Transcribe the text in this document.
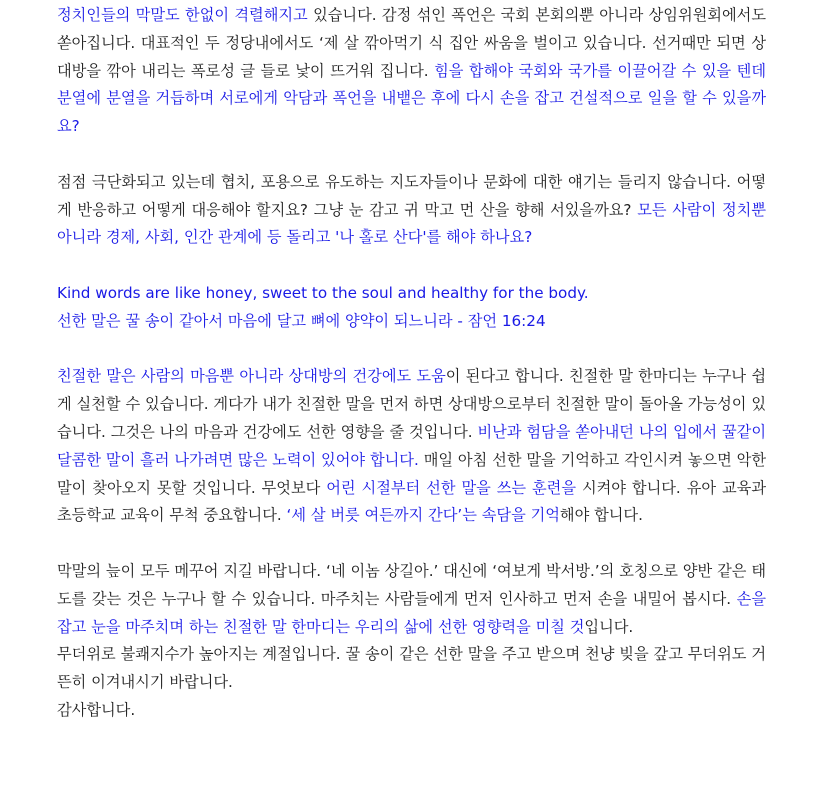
정치인들의 막말도 한없이 격렬해지고 있습니다. 감정 섞인 폭언은 국회 본회의뿐 아니라 상임위원회에서도 쏟아집니다. 대표적인 두 정당내에서도 ‘제 살 깎아먹기 식 집안 싸움을 벌이고 있습니다. 선거때만 되면 상대방을 깎아 내리는 폭로성 글 들로 낯이 뜨거워 집니다. 힘을 합해야 국회와 국가를 이끌어갈 수 있을 텐데 분열에 분열을 거듭하며 서로에게 악담과 폭언을 내뱉은 후에 다시 손을 잡고 건설적으로 일을 할 수 있을까요?

점점 극단화되고 있는데 협치, 포용으로 유도하는 지도자들이나 문화에 대한 얘기는 들리지 않습니다. 어떻게 반응하고 어떻게 대응해야 할지요? 그냥 눈 감고 귀 막고 먼 산을 향해 서있을까요? 모든 사람이 정치뿐 아니라 경제, 사회, 인간 관계에 등 돌리고 '나 홀로 산다'를 해야 하나요?

Kind words are like honey, sweet to the soul and healthy for the body.
선한 말은 꿀 송이 같아서 마음에 달고 뼈에 양약이 되느니라 - 잠언 16:24

친절한 말은 사람의 마음뿐 아니라 상대방의 건강에도 도움이 된다고 합니다. 친절한 말 한마디는 누구나 쉽게 실천할 수 있습니다. 게다가 내가 친절한 말을 먼저 하면 상대방으로부터 친절한 말이 돌아올 가능성이 있습니다. 그것은 나의 마음과 건강에도 선한 영향을 줄 것입니다. 비난과 험담을 쏟아내던 나의 입에서 꿀같이 달콤한 말이 흘러 나가려면 많은 노력이 있어야 합니다. 매일 아침 선한 말을 기억하고 각인시켜 놓으면 악한 말이 찾아오지 못할 것입니다. 무엇보다 어린 시절부터 선한 말을 쓰는 훈련을 시켜야 합니다. 유아 교육과 초등학교 교육이 무척 중요합니다. ‘세 살 버릇 여든까지 간다’는 속담을 기억해야 합니다.

막말의 늪이 모두 메꾸어 지길 바랍니다. ‘네 이놈 상길아.’ 대신에 ‘여보게 박서방.’의 호칭으로 양반 같은 태도를 갖는 것은 누구나 할 수 있습니다. 마주치는 사람들에게 먼저 인사하고 먼저 손을 내밀어 봅시다. 손을 잡고 눈을 마주치며 하는 친절한 말 한마디는 우리의 삶에 선한 영향력을 미칠 것입니다.

무더위로 불쾌지수가 높아지는 계절입니다. 꿀 송이 같은 선한 말을 주고 받으며 천냥 빚을 갚고 무더위도 거뜬히 이겨내시기 바랍니다.

감사합니다.
